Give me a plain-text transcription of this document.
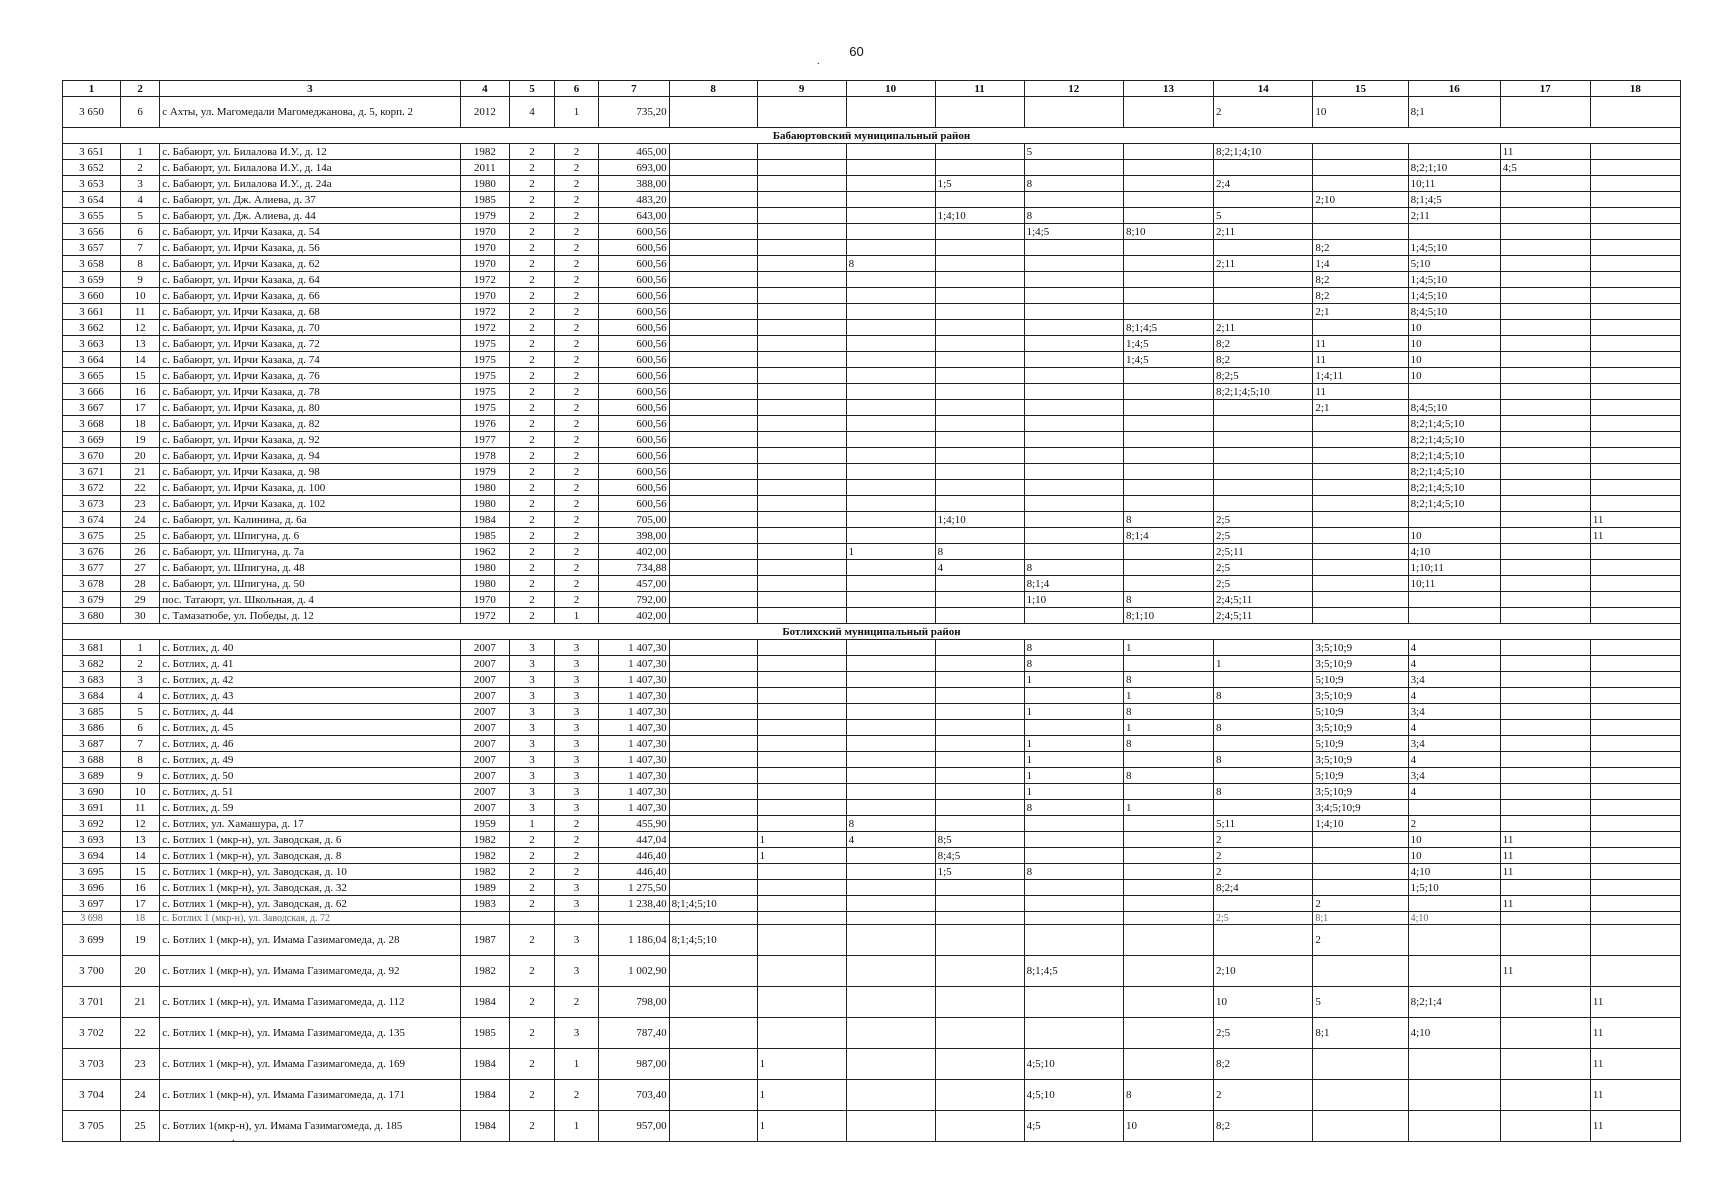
60
.
.
1	2	3	4	5	6	7	8	9	10	11	12	13	14	15	16	17	18
3 650	6	с Ахты, ул. Магомедали Магомеджанова, д. 5, корп. 2	2012	4	1	735,20							2	10	8;1		
Бабаюртовский муниципальный район																	
3 651	1	с. Бабаюрт, ул. Билалова И.У., д. 12	1982	2	2	465,00					5		8;2;1;4;10			11	
3 652	2	с. Бабаюрт, ул. Билалова И.У., д. 14а	2011	2	2	693,00									8;2;1;10	4;5	
3 653	3	с. Бабаюрт, ул. Билалова И.У., д. 24а	1980	2	2	388,00				1;5	8		2;4		10;11		
3 654	4	с. Бабаюрт, ул. Дж. Алиева, д. 37	1985	2	2	483,20								2;10	8;1;4;5		
3 655	5	с. Бабаюрт, ул. Дж. Алиева, д. 44	1979	2	2	643,00				1;4;10	8		5		2;11		
3 656	6	с. Бабаюрт, ул. Ирчи Казака, д. 54	1970	2	2	600,56					1;4;5	8;10	2;11				
3 657	7	с. Бабаюрт, ул. Ирчи Казака, д. 56	1970	2	2	600,56								8;2	1;4;5;10		
3 658	8	с. Бабаюрт, ул. Ирчи Казака, д. 62	1970	2	2	600,56			8				2;11	1;4	5;10		
3 659	9	с. Бабаюрт, ул. Ирчи Казака, д. 64	1972	2	2	600,56								8;2	1;4;5;10		
3 660	10	с. Бабаюрт, ул. Ирчи Казака, д. 66	1970	2	2	600,56								8;2	1;4;5;10		
3 661	11	с. Бабаюрт, ул. Ирчи Казака, д. 68	1972	2	2	600,56								2;1	8;4;5;10		
3 662	12	с. Бабаюрт, ул. Ирчи Казака, д. 70	1972	2	2	600,56						8;1;4;5	2;11		10		
3 663	13	с. Бабаюрт, ул. Ирчи Казака, д. 72	1975	2	2	600,56						1;4;5	8;2	11	10		
3 664	14	с. Бабаюрт, ул. Ирчи Казака, д. 74	1975	2	2	600,56						1;4;5	8;2	11	10		
3 665	15	с. Бабаюрт, ул. Ирчи Казака, д. 76	1975	2	2	600,56							8;2;5	1;4;11	10		
3 666	16	с. Бабаюрт, ул. Ирчи Казака, д. 78	1975	2	2	600,56							8;2;1;4;5;10	11			
3 667	17	с. Бабаюрт, ул. Ирчи Казака, д. 80	1975	2	2	600,56								2;1	8;4;5;10		
3 668	18	с. Бабаюрт, ул. Ирчи Казака, д. 82	1976	2	2	600,56									8;2;1;4;5;10		
3 669	19	с. Бабаюрт, ул. Ирчи Казака, д. 92	1977	2	2	600,56									8;2;1;4;5;10		
3 670	20	с. Бабаюрт, ул. Ирчи Казака, д. 94	1978	2	2	600,56									8;2;1;4;5;10		
3 671	21	с. Бабаюрт, ул. Ирчи Казака, д. 98	1979	2	2	600,56									8;2;1;4;5;10		
3 672	22	с. Бабаюрт, ул. Ирчи Казака, д. 100	1980	2	2	600,56									8;2;1;4;5;10		
3 673	23	с. Бабаюрт, ул. Ирчи Казака, д. 102	1980	2	2	600,56									8;2;1;4;5;10		
3 674	24	с. Бабаюрт, ул. Калинина, д. 6а	1984	2	2	705,00				1;4;10		8	2;5				11
3 675	25	с. Бабаюрт, ул. Шпигуна, д. 6	1985	2	2	398,00						8;1;4	2;5		10		11
3 676	26	с. Бабаюрт, ул. Шпигуна, д. 7а	1962	2	2	402,00			1	8			2;5;11		4;10		
3 677	27	с. Бабаюрт, ул. Шпигуна, д. 48	1980	2	2	734,88				4	8		2;5		1;10;11		
3 678	28	с. Бабаюрт, ул. Шпигуна, д. 50	1980	2	2	457,00					8;1;4		2;5		10;11		
3 679	29	пос. Татаюрт, ул. Школьная, д. 4	1970	2	2	792,00					1;10	8	2;4;5;11				
3 680	30	с. Тамазатюбе, ул. Победы, д. 12	1972	2	1	402,00						8;1;10	2;4;5;11				
Ботлихский муниципальный район																	
3 681	1	с. Ботлих, д. 40	2007	3	3	1 407,30					8	1		3;5;10;9	4		
3 682	2	с. Ботлих, д. 41	2007	3	3	1 407,30					8		1	3;5;10;9	4		
3 683	3	с. Ботлих, д. 42	2007	3	3	1 407,30					1	8		5;10;9	3;4		
3 684	4	с. Ботлих, д. 43	2007	3	3	1 407,30						1	8	3;5;10;9	4		
3 685	5	с. Ботлих, д. 44	2007	3	3	1 407,30					1	8		5;10;9	3;4		
3 686	6	с. Ботлих, д. 45	2007	3	3	1 407,30						1	8	3;5;10;9	4		
3 687	7	с. Ботлих, д. 46	2007	3	3	1 407,30					1	8		5;10;9	3;4		
3 688	8	с. Ботлих, д. 49	2007	3	3	1 407,30					1		8	3;5;10;9	4		
3 689	9	с. Ботлих, д. 50	2007	3	3	1 407,30					1	8		5;10;9	3;4		
3 690	10	с. Ботлих, д. 51	2007	3	3	1 407,30					1		8	3;5;10;9	4		
3 691	11	с. Ботлих, д. 59	2007	3	3	1 407,30					8	1		3;4;5;10;9			
3 692	12	с. Ботлих, ул. Хамашура, д. 17	1959	1	2	455,90			8				5;11	1;4;10	2		
3 693	13	с. Ботлих 1 (мкр-н), ул. Заводская, д. 6	1982	2	2	447,04		1	4	8;5			2		10	11	
3 694	14	с. Ботлих 1 (мкр-н), ул. Заводская, д. 8	1982	2	2	446,40		1		8;4;5			2		10	11	
3 695	15	с. Ботлих 1 (мкр-н), ул. Заводская, д. 10	1982	2	2	446,40				1;5	8		2		4;10	11	
3 696	16	с. Ботлих 1 (мкр-н), ул. Заводская, д. 32	1989	2	3	1 275,50							8;2;4		1;5;10		
3 697	17	с. Ботлих 1 (мкр-н), ул. Заводская, д. 62	1983	2	3	1 238,40	8;1;4;5;10							2		11	
3 698	18	с. Ботлих 1 (мкр-н), ул. Заводская, д. 72											2;5	8;1	4;10		
3 699	19	с. Ботлих 1 (мкр-н), ул. Имама Газимагомеда, д. 28	1987	2	3	1 186,04	8;1;4;5;10							2			
3 700	20	с. Ботлих 1 (мкр-н), ул. Имама Газимагомеда, д. 92	1982	2	3	1 002,90					8;1;4;5		2;10			11	
3 701	21	с. Ботлих 1 (мкр-н), ул. Имама Газимагомеда, д. 112	1984	2	2	798,00							10	5	8;2;1;4		11
3 702	22	с. Ботлих 1 (мкр-н), ул. Имама Газимагомеда, д. 135	1985	2	3	787,40							2;5	8;1	4;10		11
3 703	23	с. Ботлих 1 (мкр-н), ул. Имама Газимагомеда, д. 169	1984	2	1	987,00		1			4;5;10		8;2				11
3 704	24	с. Ботлих 1 (мкр-н), ул. Имама Газимагомеда, д. 171	1984	2	2	703,40		1			4;5;10	8	2				11
3 705	25	с. Ботлих 1(мкр-н), ул. Имама Газимагомеда, д. 185	1984	2	1	957,00		1			4;5	10	8;2				11
